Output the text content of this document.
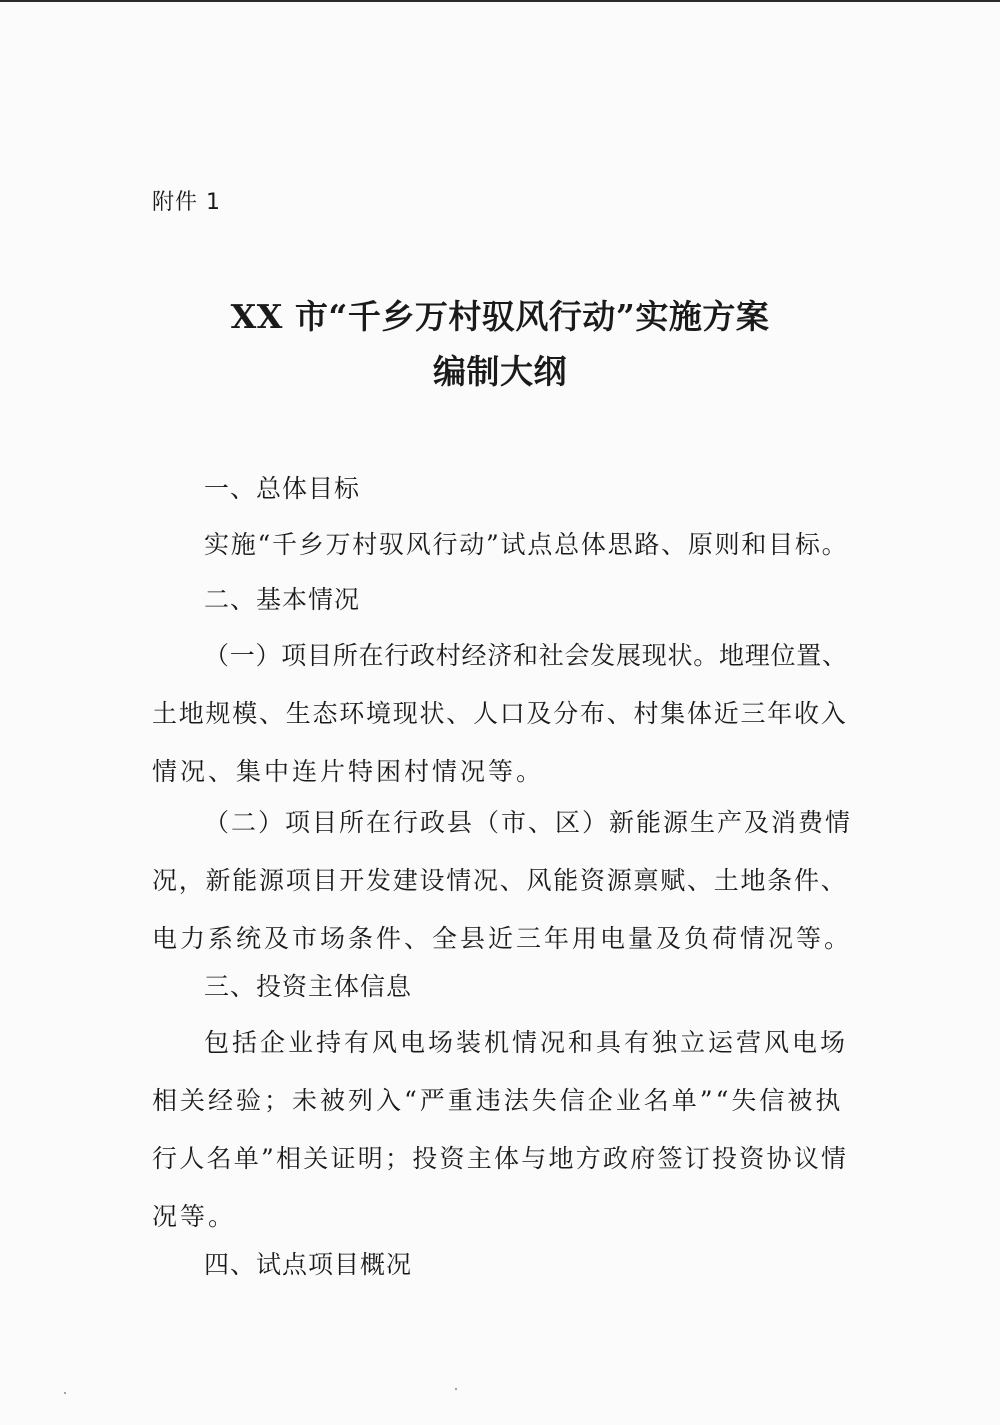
附件 1
XX 市“千乡万村驭风行动”实施方案
编制大纲
一、总体目标
实施“千乡万村驭风行动”试点总体思路、原则和目标。
二、基本情况
（一）项目所在行政村经济和社会发展现状。地理位置、
土地规模、生态环境现状、人口及分布、村集体近三年收入
情况、集中连片特困村情况等。
（二）项目所在行政县（市、区）新能源生产及消费情
况，新能源项目开发建设情况、风能资源禀赋、土地条件、
电力系统及市场条件、全县近三年用电量及负荷情况等。
三、投资主体信息
包括企业持有风电场装机情况和具有独立运营风电场
相关经验；未被列入“严重违法失信企业名单”“失信被执
行人名单”相关证明；投资主体与地方政府签订投资协议情
况等。
四、试点项目概况
